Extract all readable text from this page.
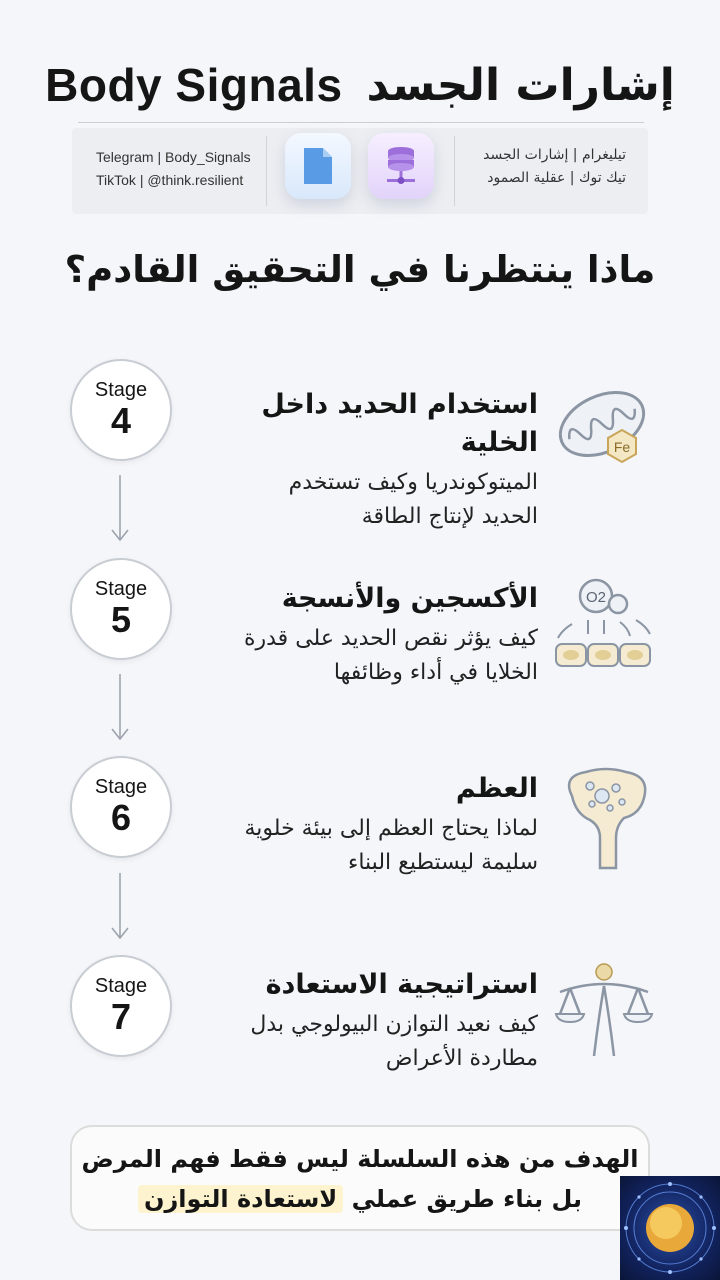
Body Signals إشارات الجسد
Telegram | Body_Signals
TikTok | @think.resilient
تيليغرام | إشارات الجسد
تيك توك | عقلية الصمود
ماذا ينتظرنا في التحقيق القادم؟
Stage
4	استخدام الحديد داخل الخلية
الميتوكوندريا وكيف تستخدم
الحديد لإنتاج الطاقة
Fe
Stage
5
الأكسجين والأنسجة
كيف يؤثر نقص الحديد على قدرة
الخلايا في أداء وظائفها
O2
Stage
6
العظم
لماذا يحتاج العظم إلى بيئة خلوية
سليمة ليستطيع البناء
Stage
7
استراتيجية الاستعادة
كيف نعيد التوازن البيولوجي بدل
مطاردة الأعراض
الهدف من هذه السلسلة ليس فقط فهم المرض
بل بناء طريق عملي لاستعادة التوازن
